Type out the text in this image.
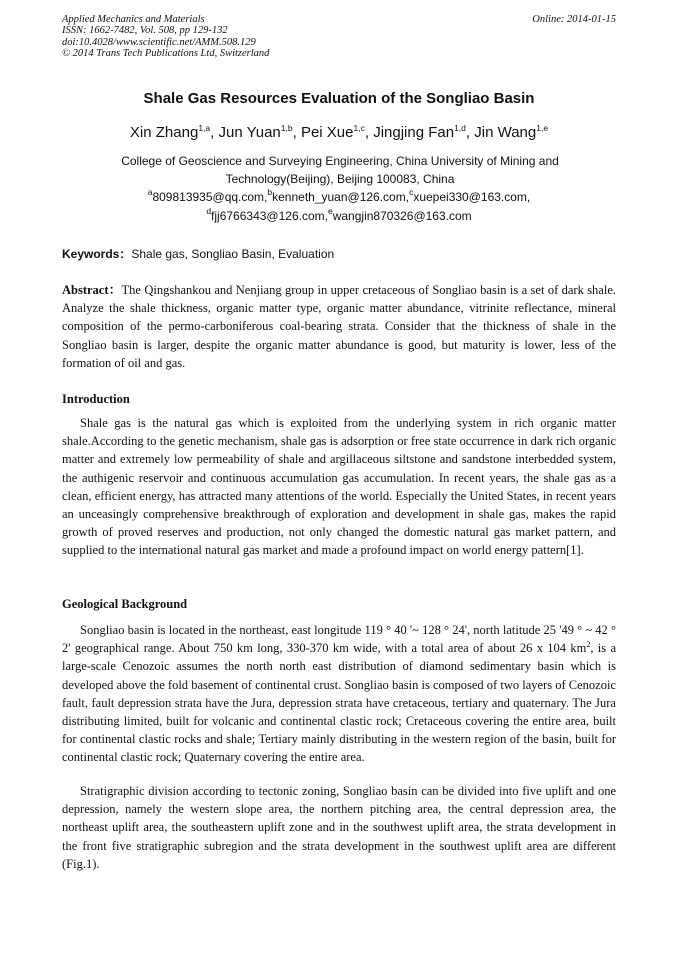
Applied Mechanics and Materials
ISSN: 1662-7482, Vol. 508, pp 129-132
doi:10.4028/www.scientific.net/AMM.508.129
© 2014 Trans Tech Publications Ltd, Switzerland
Online: 2014-01-15
Shale Gas Resources Evaluation of the Songliao Basin
Xin Zhang$^{1,a}$, Jun Yuan$^{1,b}$, Pei Xue$^{1,c}$, Jingjing Fan$^{1,d}$, Jin Wang$^{1,e}$
College of Geoscience and Surveying Engineering, China University of Mining and
Technology(Beijing), Beijing 100083, China
$^a$809813935@qq.com,$^b$kenneth_yuan@126.com,$^c$xuepei330@163.com,
$^d$fjj6766343@126.com,$^e$wangjin870326@163.com
Keywords：Shale gas, Songliao Basin, Evaluation
Abstract：The Qingshankou and Nenjiang group in upper cretaceous of Songliao basin is a set of dark shale. Analyze the shale thickness, organic matter type, organic matter abundance, vitrinite reflectance, mineral composition of the permo-carboniferous coal-bearing strata. Consider that the thickness of shale in the Songliao basin is larger, despite the organic matter abundance is good, but maturity is lower, less of the formation of oil and gas.
Introduction

Shale gas is the natural gas which is exploited from the underlying system in rich organic matter shale.According to the genetic mechanism, shale gas is adsorption or free state occurrence in dark rich organic matter and extremely low permeability of shale and argillaceous siltstone and sandstone interbedded system, the authigenic reservoir and continuous accumulation gas accumulation. In recent years, the shale gas as a clean, efficient energy, has attracted many attentions of the world. Especially the United States, in recent years an unceasingly comprehensive breakthrough of exploration and development in shale gas, makes the rapid growth of proved reserves and production, not only changed the domestic natural gas market pattern, and supplied to the international natural gas market and made a profound impact on world energy pattern[1].

Geological Background

Songliao basin is located in the northeast, east longitude 119 ° 40 '~ 128 ° 24', north latitude 25 '49 ° ~ 42 ° 2' geographical range. About 750 km long, 330-370 km wide, with a total area of about 26 x 104 $km^2$, is a large-scale Cenozoic assumes the north north east distribution of diamond sedimentary basin which is developed above the fold basement of continental crust. Songliao basin is composed of two layers of Cenozoic fault, fault depression strata have the Jura, depression strata have cretaceous, tertiary and quaternary. The Jura distributing limited, built for volcanic and continental clastic rock; Cretaceous covering the entire area, built for continental clastic rocks and shale; Tertiary mainly distributing in the western region of the basin, built for continental clastic rock; Quaternary covering the entire area.

Stratigraphic division according to tectonic zoning, Songliao basin can be divided into five uplift and one depression, namely the western slope area, the northern pitching area, the central depression area, the northeast uplift area, the southeastern uplift zone and in the southwest uplift area, the strata development in the front five stratigraphic subregion and the strata development in the southwest uplift area are different (Fig.1).
